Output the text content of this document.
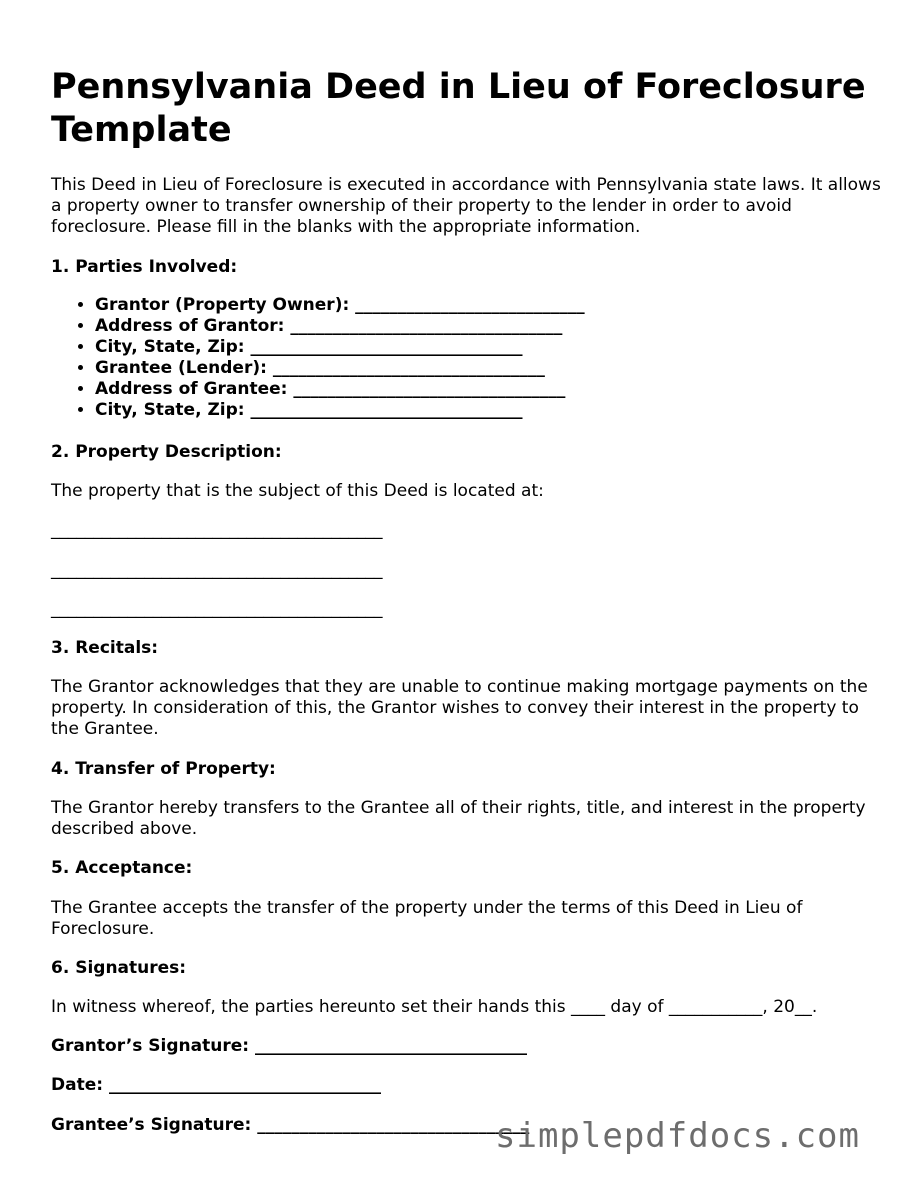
Pennsylvania Deed in Lieu of Foreclosure Template

This Deed in Lieu of Foreclosure is executed in accordance with Pennsylvania state laws. It allows a property owner to transfer ownership of their property to the lender in order to avoid foreclosure. Please fill in the blanks with the appropriate information.

1. Parties Involved:

• Grantor (Property Owner): ___________________________
• Address of Grantor: ________________________________
• City, State, Zip: ________________________________
• Grantee (Lender): ________________________________
• Address of Grantee: ________________________________
• City, State, Zip: ________________________________

2. Property Description:

The property that is the subject of this Deed is located at:

_______________________________________
_______________________________________
_______________________________________

3. Recitals:

The Grantor acknowledges that they are unable to continue making mortgage payments on the property. In consideration of this, the Grantor wishes to convey their interest in the property to the Grantee.

4. Transfer of Property:

The Grantor hereby transfers to the Grantee all of their rights, title, and interest in the property described above.

5. Acceptance:

The Grantee accepts the transfer of the property under the terms of this Deed in Lieu of Foreclosure.

6. Signatures:

In witness whereof, the parties hereunto set their hands this ____ day of ___________, 20__.

Grantor’s Signature: ________________________________
Date: ________________________________
Grantee’s Signature: ________________________________
simplepdfdocs.com
